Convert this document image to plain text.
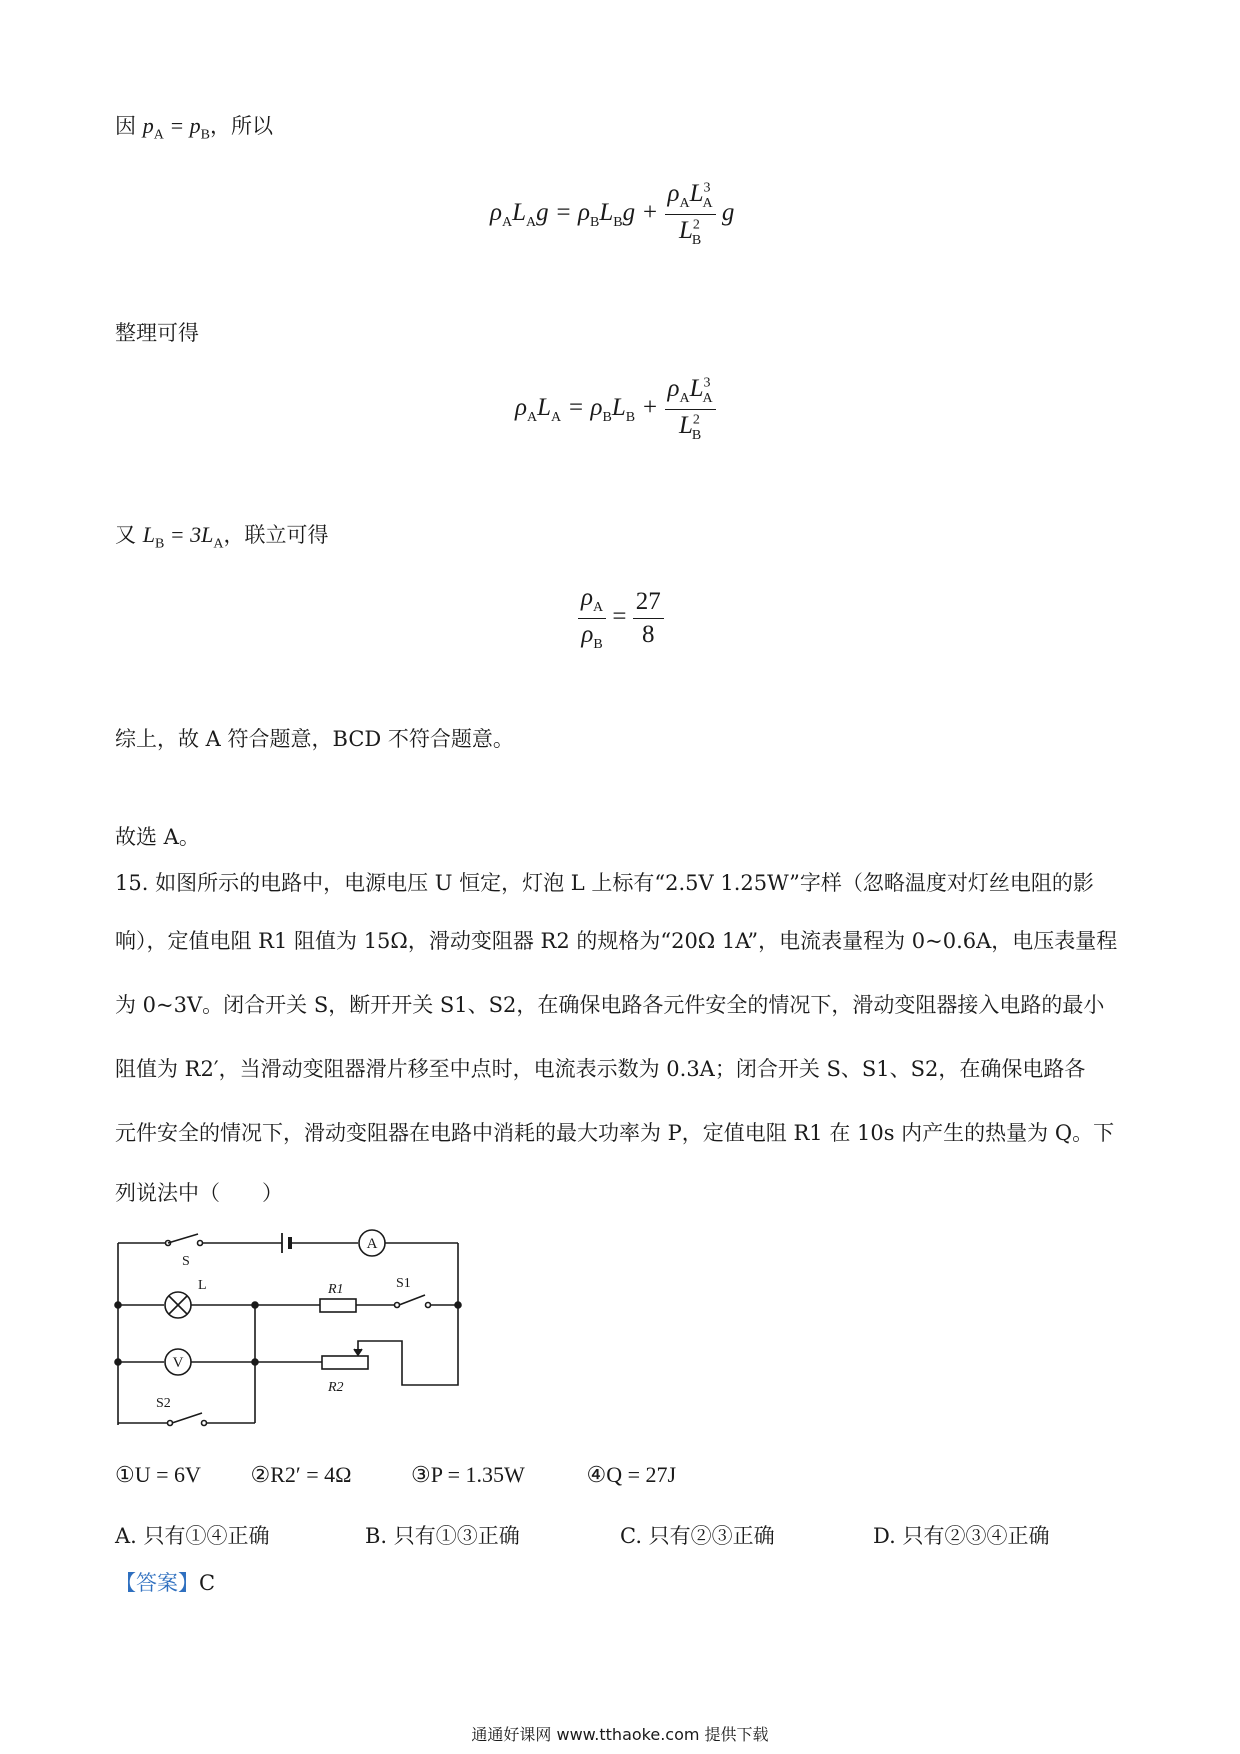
因 $p_A = p_B$，所以
$\rho_AL_Ag = \rho_BL_Bg + \frac{\rho_AL^3_A}{L^2_B}$ g
整理可得
$\rho_AL_A = \rho_BL_B + \frac{\rho_AL^3_A}{L^2_B}$
又 $L_B = 3L_A$，联立可得
$\frac{\rho_A}{\rho_B} = \frac{27}{8}$
综上，故 A 符合题意，BCD 不符合题意。
故选 A。
15. 如图所示的电路中，电源电压 U 恒定，灯泡 L 上标有“2.5V 1.25W”字样（忽略温度对灯丝电阻的影
响），定值电阻 R1 阻值为 15Ω，滑动变阻器 R2 的规格为“20Ω 1A”，电流表量程为 0~0.6A，电压表量程
为 0~3V。闭合开关 S，断开开关 S1、S2，在确保电路各元件安全的情况下，滑动变阻器接入电路的最小
阻值为 R2′，当滑动变阻器滑片移至中点时，电流表示数为 0.3A；闭合开关 S、S1、S2，在确保电路各
元件安全的情况下，滑动变阻器在电路中消耗的最大功率为 P，定值电阻 R1 在 10s 内产生的热量为 Q。下
列说法中（　　）
A
V
S
L	R1	S1
R2
S2
①U = 6V ②R2′ = 4Ω	③P = 1.35W	④Q = 27J
A. 只有①④正确	B. 只有①③正确	C. 只有②③正确	D. 只有②③④正确
【答案】C
通通好课网 www.tthaoke.com 提供下载
